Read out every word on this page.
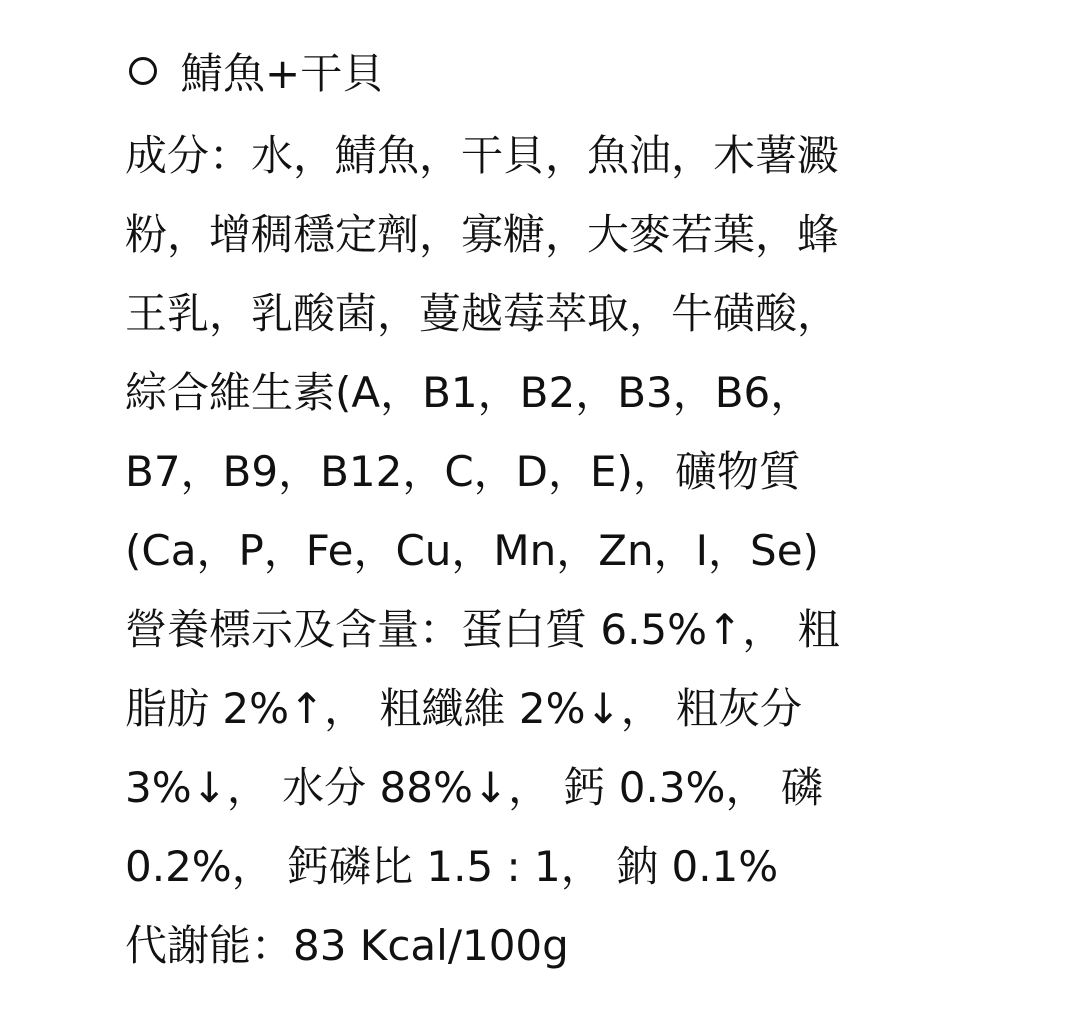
鯖魚+干貝
成分：水，鯖魚，干貝，魚油，木薯澱
粉，增稠穩定劑，寡糖，大麥若葉，蜂
王乳，乳酸菌，蔓越莓萃取，牛磺酸，
綜合維生素(A，B1，B2，B3，B6，
B7，B9，B12，C，D，E)，礦物質
(Ca，P，Fe，Cu，Mn，Zn，I，Se)
營養標示及含量：蛋白質 6.5%↑， 粗
脂肪 2%↑， 粗纖維 2%↓， 粗灰分
3%↓， 水分 88%↓， 鈣 0.3%， 磷
0.2%， 鈣磷比 1.5 : 1， 鈉 0.1%
代謝能：83 Kcal/100g
